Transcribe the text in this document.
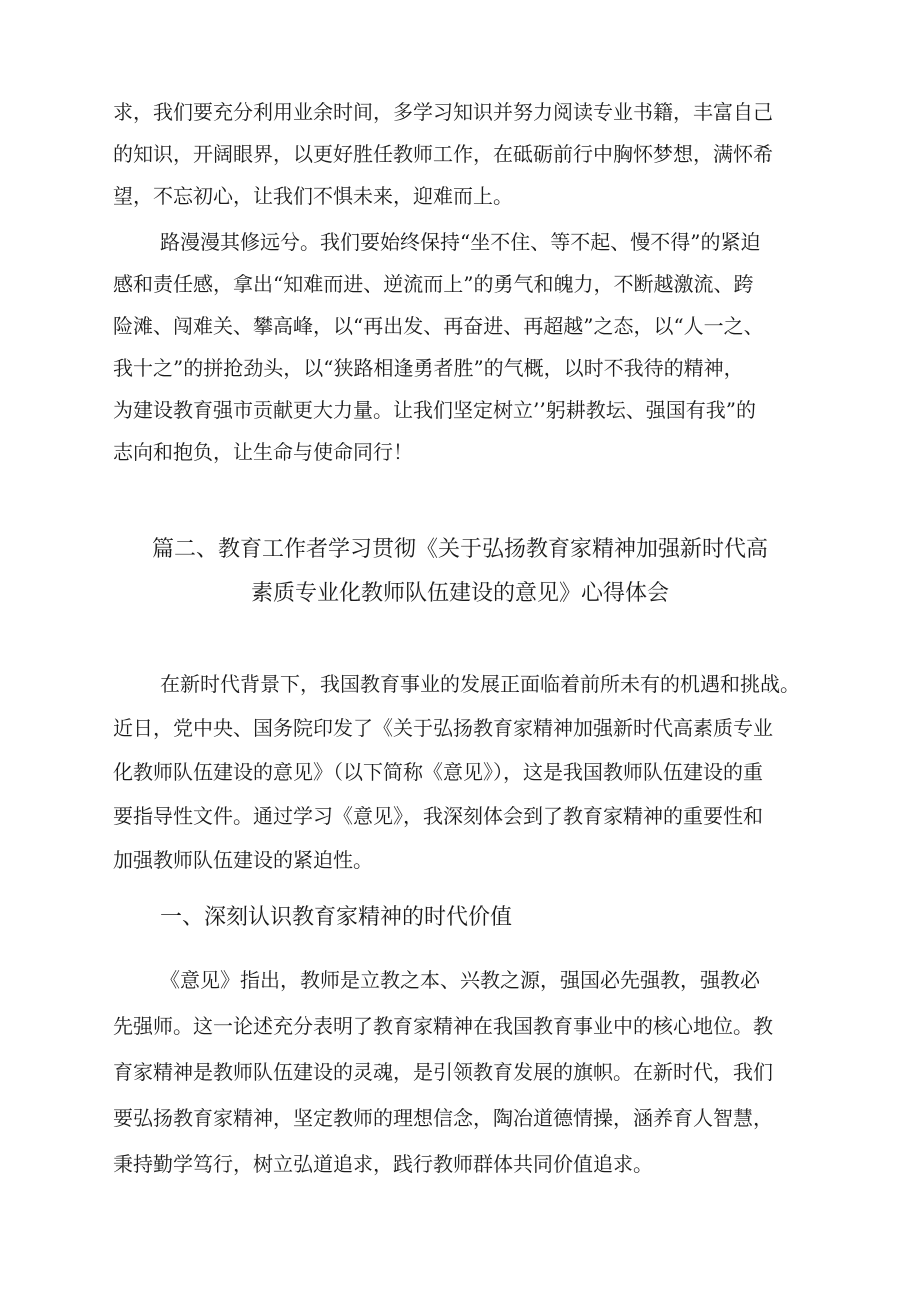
求，我们要充分利用业余时间，多学习知识并努力阅读专业书籍，丰富自己
的知识，开阔眼界，以更好胜任教师工作，在砥砺前行中胸怀梦想，满怀希
望，不忘初心，让我们不惧未来，迎难而上。
路漫漫其修远兮。我们要始终保持“坐不住、等不起、慢不得”的紧迫
感和责任感，拿出“知难而进、逆流而上”的勇气和魄力，不断越激流、跨
险滩、闯难关、攀高峰，以“再出发、再奋进、再超越”之态，以“人一之、
我十之”的拼抢劲头，以“狭路相逢勇者胜”的气概，以时不我待的精神，
为建设教育强市贡献更大力量。让我们坚定树立’’躬耕教坛、强国有我”的
志向和抱负，让生命与使命同行！
篇二、教育工作者学习贯彻《关于弘扬教育家精神加强新时代高
素质专业化教师队伍建设的意见》心得体会
在新时代背景下，我国教育事业的发展正面临着前所未有的机遇和挑战。
近日，党中央、国务院印发了《关于弘扬教育家精神加强新时代高素质专业
化教师队伍建设的意见》（以下简称《意见》），这是我国教师队伍建设的重
要指导性文件。通过学习《意见》，我深刻体会到了教育家精神的重要性和
加强教师队伍建设的紧迫性。
一、深刻认识教育家精神的时代价值
《意见》指出，教师是立教之本、兴教之源，强国必先强教，强教必
先强师。这一论述充分表明了教育家精神在我国教育事业中的核心地位。教
育家精神是教师队伍建设的灵魂，是引领教育发展的旗帜。在新时代，我们
要弘扬教育家精神，坚定教师的理想信念，陶冶道德情操，涵养育人智慧，
秉持勤学笃行，树立弘道追求，践行教师群体共同价值追求。
